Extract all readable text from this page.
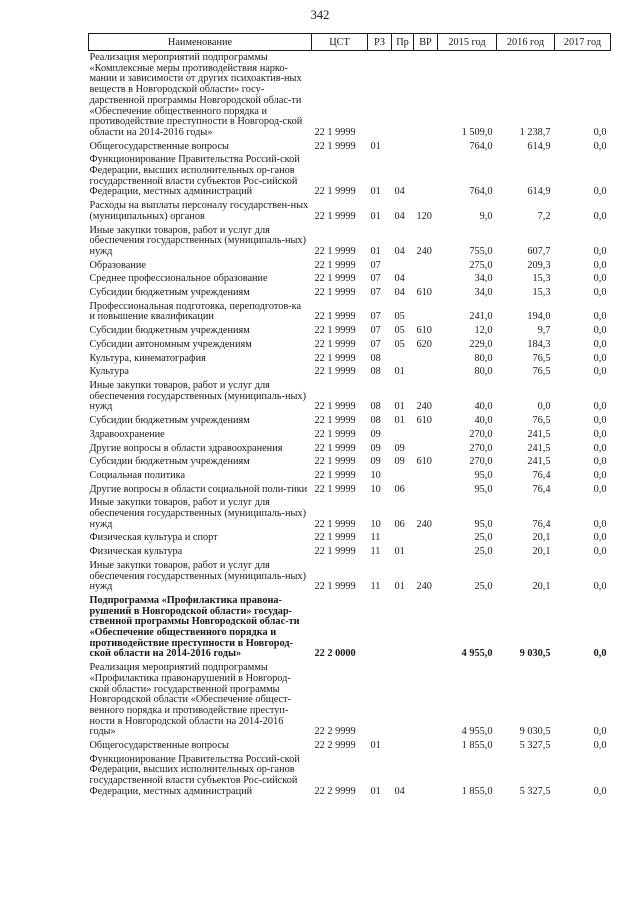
342
Наименование	ЦСТ	РЗ	Пр	ВР	2015 год	2016 год	2017 год
Реализация мероприятий подпрограммы «Комплексные меры противодействия нарко-мании и зависимости от других психоактив-ных веществ в Новгородской области» госу-дарственной программы Новгородской облас-ти «Обеспечение общественного порядка и противодействие преступности в Новгород-ской области на 2014-2016 годы»	22 1 9999				1 509,0	1 238,7	0,0
Общегосударственные вопросы	22 1 9999	01			764,0	614,9	0,0
Функционирование Правительства Россий-ской Федерации, высших исполнительных ор-ганов государственной власти субъектов Рос-сийской Федерации, местных администраций	22 1 9999	01	04		764,0	614,9	0,0
Расходы на выплаты персоналу государствен-ных (муниципальных) органов	22 1 9999	01	04	120	9,0	7,2	0,0
Иные закупки товаров, работ и услуг для обеспечения государственных (муниципаль-ных) нужд	22 1 9999	01	04	240	755,0	607,7	0,0
Образование	22 1 9999	07			275,0	209,3	0,0
Среднее профессиональное образование	22 1 9999	07	04		34,0	15,3	0,0
Субсидии бюджетным учреждениям	22 1 9999	07	04	610	34,0	15,3	0,0
Профессиональная подготовка, переподготов-ка и повышение квалификации	22 1 9999	07	05		241,0	194,0	0,0
Субсидии бюджетным учреждениям	22 1 9999	07	05	610	12,0	9,7	0,0
Субсидии автономным учреждениям	22 1 9999	07	05	620	229,0	184,3	0,0
Культура, кинематография	22 1 9999	08			80,0	76,5	0,0
Культура	22 1 9999	08	01		80,0	76,5	0,0
Иные закупки товаров, работ и услуг для обеспечения государственных (муниципаль-ных) нужд	22 1 9999	08	01	240	40,0	0,0	0,0
Субсидии бюджетным учреждениям	22 1 9999	08	01	610	40,0	76,5	0,0
Здравоохранение	22 1 9999	09			270,0	241,5	0,0
Другие вопросы в области здравоохранения	22 1 9999	09	09		270,0	241,5	0,0
Субсидии бюджетным учреждениям	22 1 9999	09	09	610	270,0	241,5	0,0
Социальная политика	22 1 9999	10			95,0	76,4	0,0
Другие вопросы в области социальной поли-тики	22 1 9999	10	06		95,0	76,4	0,0
Иные закупки товаров, работ и услуг для обеспечения государственных (муниципаль-ных) нужд	22 1 9999	10	06	240	95,0	76,4	0,0
Физическая культура и спорт	22 1 9999	11			25,0	20,1	0,0
Физическая культура	22 1 9999	11	01		25,0	20,1	0,0
Иные закупки товаров, работ и услуг для обеспечения государственных (муниципаль-ных) нужд	22 1 9999	11	01	240	25,0	20,1	0,0
Подпрограмма «Профилактика правона-рушений в Новгородской области» государ-ственной программы Новгородской облас-ти «Обеспечение общественного порядка и противодействие преступности в Новгород-ской области на 2014-2016 годы»	22 2 0000				4 955,0	9 030,5	0,0
Реализация мероприятий подпрограммы «Профилактика правонарушений в Новгород-ской области» государственной программы Новгородской области «Обеспечение общест-венного порядка и противодействие преступ-ности в Новгородской области на 2014-2016 годы»	22 2 9999				4 955,0	9 030,5	0,0
Общегосударственные вопросы	22 2 9999	01			1 855,0	5 327,5	0,0
Функционирование Правительства Россий-ской Федерации, высших исполнительных ор-ганов государственной власти субъектов Рос-сийской Федерации, местных администраций	22 2 9999	01	04		1 855,0	5 327,5	0,0
